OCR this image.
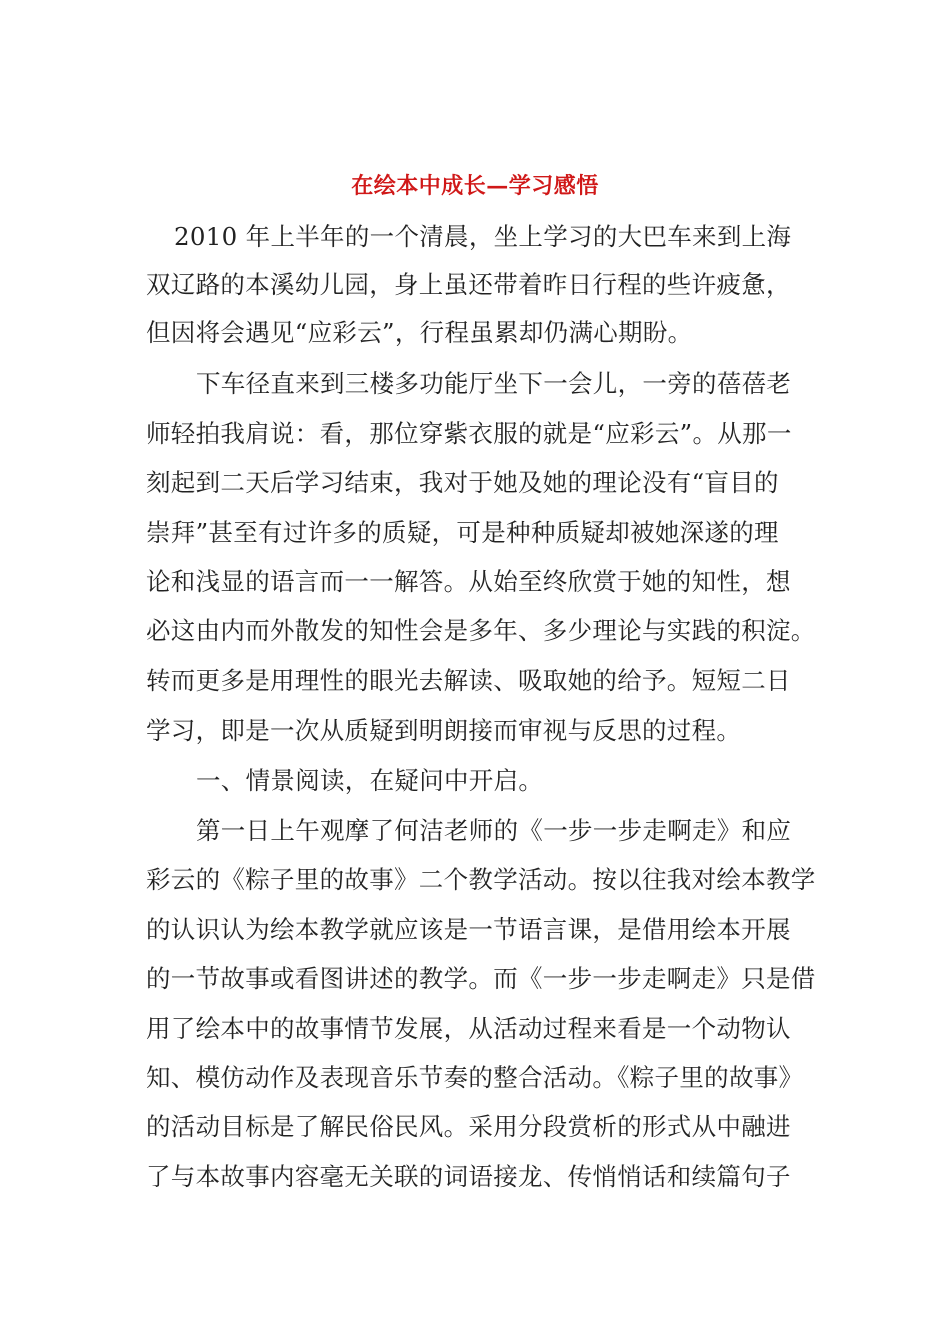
在绘本中成长—学习感悟
2010 年上半年的一个清晨，坐上学习的大巴车来到上海
双辽路的本溪幼儿园，身上虽还带着昨日行程的些许疲惫，
但因将会遇见“应彩云”，行程虽累却仍满心期盼。
下车径直来到三楼多功能厅坐下一会儿，一旁的蓓蓓老
师轻拍我肩说：看，那位穿紫衣服的就是“应彩云”。从那一
刻起到二天后学习结束，我对于她及她的理论没有“盲目的
崇拜”甚至有过许多的质疑，可是种种质疑却被她深遂的理
论和浅显的语言而一一解答。从始至终欣赏于她的知性，想
必这由内而外散发的知性会是多年、多少理论与实践的积淀。
转而更多是用理性的眼光去解读、吸取她的给予。短短二日
学习，即是一次从质疑到明朗接而审视与反思的过程。
一、情景阅读，在疑问中开启。
第一日上午观摩了何洁老师的《一步一步走啊走》和应
彩云的《粽子里的故事》二个教学活动。按以往我对绘本教学
的认识认为绘本教学就应该是一节语言课，是借用绘本开展
的一节故事或看图讲述的教学。而《一步一步走啊走》只是借
用了绘本中的故事情节发展，从活动过程来看是一个动物认
知、模仿动作及表现音乐节奏的整合活动。《粽子里的故事》
的活动目标是了解民俗民风。采用分段赏析的形式从中融进
了与本故事内容毫无关联的词语接龙、传悄悄话和续篇句子
